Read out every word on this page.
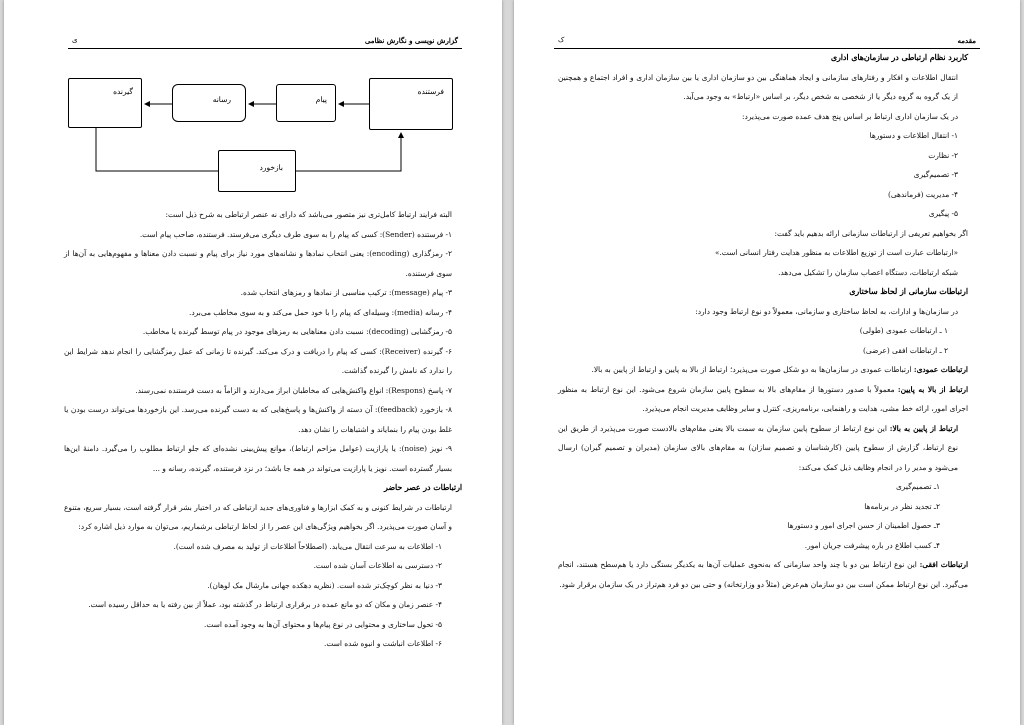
گزارش نویسی و نگارش نظامی
ی
فرستنده
پیام
رسانه
گیرنده
بازخورد

البته فرایند ارتباط کامل‌تری نیز متصور می‌باشد که دارای نه عنصر ارتباطی به شرح ذیل است:

۱- فرستنده (Sender): کسی که پیام را به سوی طرف دیگری می‌فرستد. فرستنده، صاحب پیام است.

۲- رمزگذاری (encoding): یعنی انتخاب نمادها و نشانه‌های مورد نیاز برای پیام و نسبت دادن معناها و مفهوم‌هایی به آن‌ها از سوی فرستنده.

۳- پیام (message): ترکیب مناسبی از نمادها و رمزهای انتخاب شده.

۴- رسانه (media): وسیله‌ای که پیام را با خود حمل می‌کند و به سوی مخاطب می‌برد.

۵- رمزگشایی (decoding): نسبت دادن معناهایی به رمزهای موجود در پیام توسط گیرنده یا مخاطب.

۶- گیرنده (Receiver): کسی که پیام را دریافت و درک می‌کند. گیرنده تا زمانی که عمل رمزگشایی را انجام ندهد شرایط این را ندارد که نامش را گیرنده گذاشت.

۷- پاسخ (Respons): انواع واکنش‌هایی که مخاطبان ابراز می‌دارند و الزاماً به دست فرستنده نمی‌رسند.

۸- بازخورد (feedback): آن دسته از واکنش‌ها و پاسخ‌هایی که به دست گیرنده می‌رسد. این بازخوردها می‌تواند درست بودن یا غلط بودن پیام را بنمایاند و اشتباهات را نشان دهد.

۹- نویز (noise): یا پارازیت (عوامل مزاحم ارتباط)، موانع پیش‌بینی نشده‌ای که جلو ارتباط مطلوب را می‌گیرد. دامنهٔ این‌ها بسیار گسترده است. نویز یا پارازیت می‌تواند در همه جا باشد؛ در نزد فرستنده، گیرنده، رسانه و ...

ارتباطات در عصر حاضر

ارتباطات در شرایط کنونی و به کمک ابزارها و فناوری‌های جدید ارتباطی که در اختیار بشر قرار گرفته است، بسیار سریع، متنوع و آسان صورت می‌پذیرد. اگر بخواهیم ویژگی‌های این عصر را از لحاظ ارتباطی برشماریم، می‌توان به موارد ذیل اشاره کرد:

۱- اطلاعات به سرعت انتقال می‌یابد. (اصطلاحاً اطلاعات از تولید به مصرف شده است).

۲- دسترسی به اطلاعات آسان شده است.

۳- دنیا به نظر کوچک‌تر شده است. (نظریه دهکده جهانی مارشال مک لوهان).

۴- عنصر زمان و مکان که دو مانع عمده در برقراری ارتباط در گذشته بود، عملاً از بین رفته یا به حداقل رسیده است.

۵- تحول ساختاری و محتوایی در نوع پیام‌ها و محتوای آن‌ها به وجود آمده است.

۶- اطلاعات انباشت و انبوه شده است.

مقدمه
ک

کاربرد نظام ارتباطی در سازمان‌های اداری

انتقال اطلاعات و افکار و رفتارهای سازمانی و ایجاد هماهنگی بین دو سازمان اداری یا بین سازمان اداری و افراد اجتماع و همچنین از یک گروه به گروه دیگر یا از شخصی به شخص دیگر، بر اساس «ارتباط» به وجود می‌آید.

در یک سازمان اداری ارتباط بر اساس پنج هدف عمده صورت می‌پذیرد:

۱- انتقال اطلاعات و دستورها

۲- نظارت

۳- تصمیم‌گیری

۴- مدیریت (فرماندهی)

۵- پیگیری

اگر بخواهیم تعریفی از ارتباطات سازمانی ارائه بدهیم باید گفت:

«ارتباطات عبارت است از توزیع اطلاعات به منظور هدایت رفتار انسانی است.»

شبکه ارتباطات، دستگاه اعصاب سازمان را تشکیل می‌دهد.

ارتباطات سازمانی از لحاظ ساختاری

در سازمان‌ها و ادارات، به لحاظ ساختاری و سازمانی، معمولاً دو نوع ارتباط وجود دارد:

۱ ـ ارتباطات عمودی (طولی)

۲ ـ ارتباطات افقی (عرضی)

ارتباطات عمودی: ارتباطات عمودی در سازمان‌ها به دو شکل صورت می‌پذیرد؛ ارتباط از بالا به پایین و ارتباط از پایین به بالا.

ارتباط از بالا به پایین: معمولاً با صدور دستورها از مقام‌های بالا به سطوح پایین سازمان شروع می‌شود. این نوع ارتباط به منظور اجرای امور، ارائه خط مشی، هدایت و راهنمایی، برنامه‌ریزی، کنترل و سایر وظایف مدیریت انجام می‌پذیرد.

ارتباط از پایین به بالا: این نوع ارتباط از سطوح پایین سازمان به سمت بالا یعنی مقام‌های بالادست صورت می‌پذیرد از طریق این نوع ارتباط، گزارش از سطوح پایین (کارشناسان و تصمیم سازان) به مقام‌های بالای سازمان (مدیران و تصمیم گیران) ارسال می‌شود و مدیر را در انجام وظایف ذیل کمک می‌کند:

۱ـ تصمیم‌گیری

۲ـ تجدید نظر در برنامه‌ها

۳ـ حصول اطمینان از حسن اجرای امور و دستورها

۴ـ کسب اطلاع در باره پیشرفت جریان امور.

ارتباطات افقی: این نوع ارتباط بین دو یا چند واحد سازمانی که به‌نحوی عملیات آن‌ها به یکدیگر بستگی دارد یا هم‌سطح هستند، انجام می‌گیرد. این نوع ارتباط ممکن است بین دو سازمان هم‌عرض (مثلاً دو وزارتخانه) و حتی بین دو فرد هم‌تراز در یک سازمان برقرار شود.
